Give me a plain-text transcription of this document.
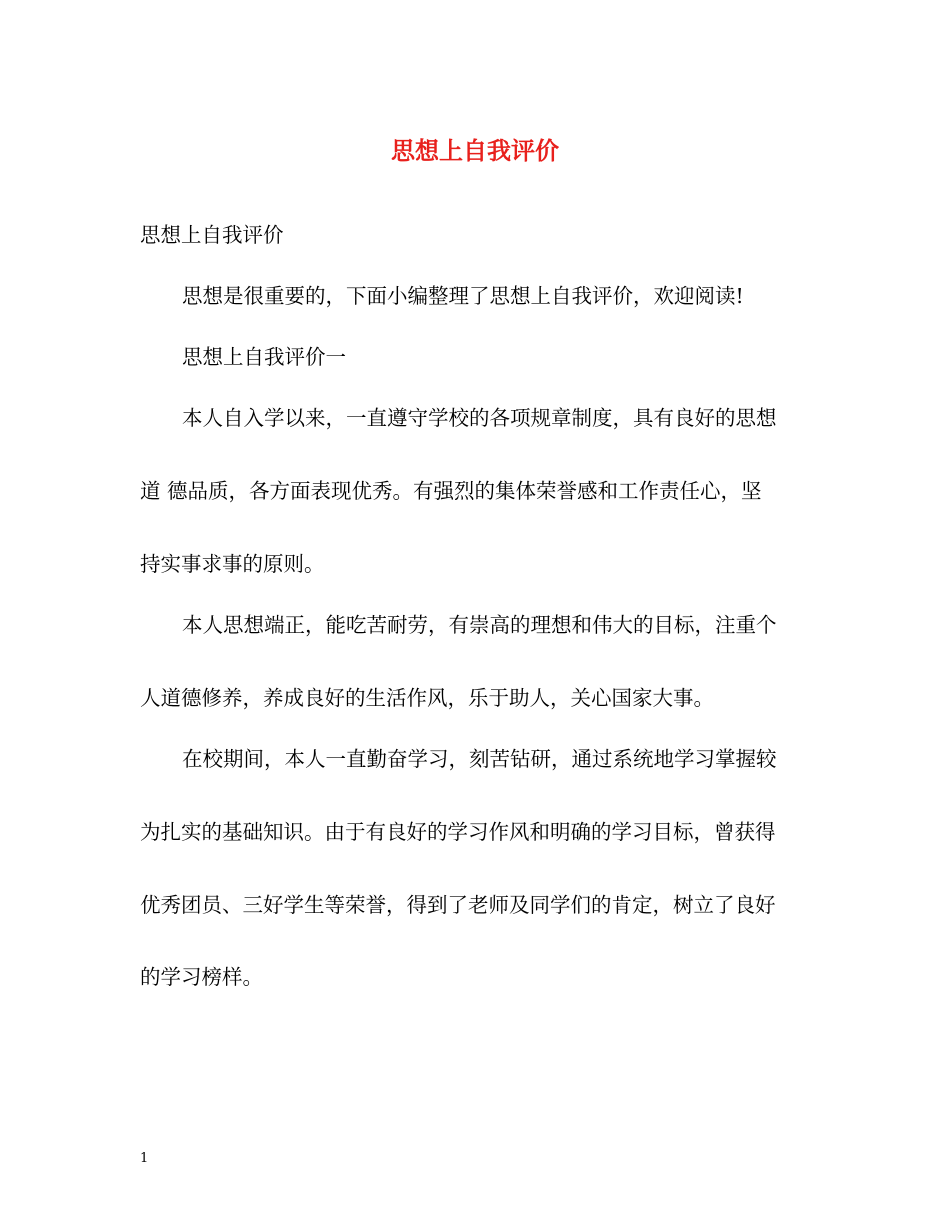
思想上自我评价

思想上自我评价

思想是很重要的，下面小编整理了思想上自我评价，欢迎阅读!

思想上自我评价一

本人自入学以来，一直遵守学校的各项规章制度，具有良好的思想

道 德品质，各方面表现优秀。有强烈的集体荣誉感和工作责任心，坚

持实事求事的原则。

本人思想端正，能吃苦耐劳，有崇高的理想和伟大的目标，注重个

人道德修养，养成良好的生活作风，乐于助人，关心国家大事。

在校期间，本人一直勤奋学习，刻苦钻研，通过系统地学习掌握较

为扎实的基础知识。由于有良好的学习作风和明确的学习目标，曾获得

优秀团员、三好学生等荣誉，得到了老师及同学们的肯定，树立了良好

的学习榜样。

1
